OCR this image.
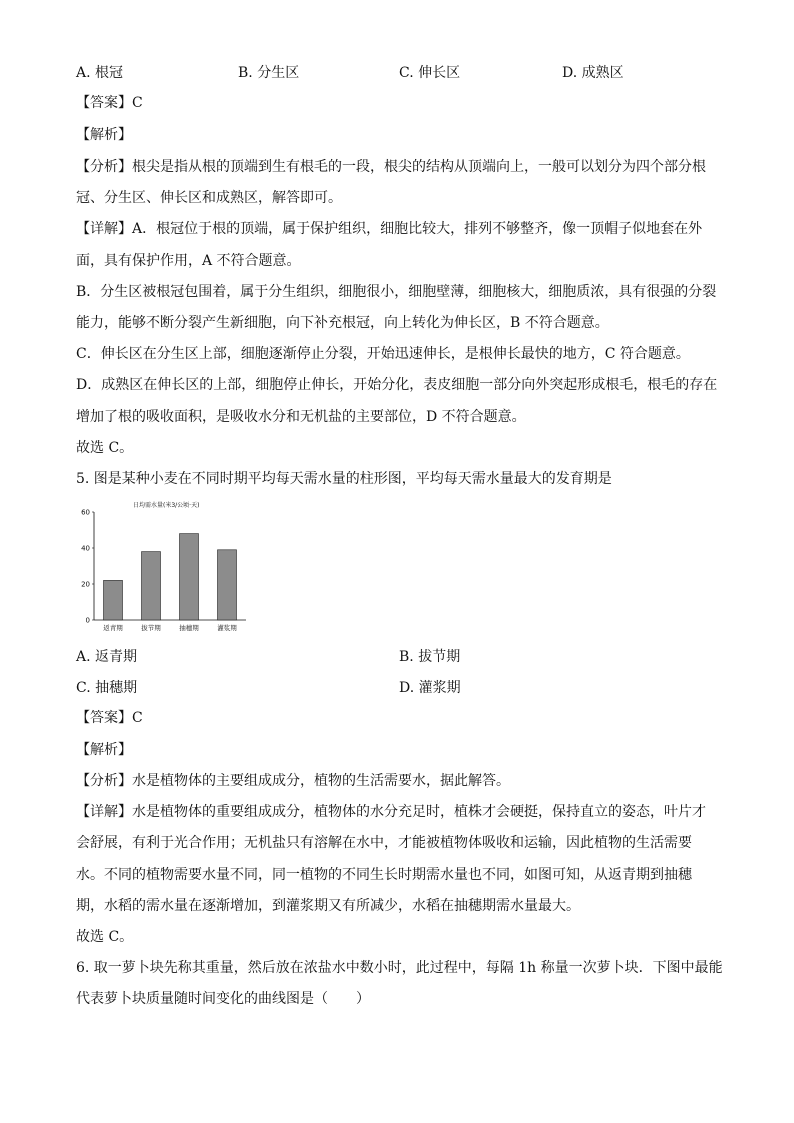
A. 根冠	B. 分生区	C. 伸长区	D. 成熟区
【答案】C
【解析】
【分析】根尖是指从根的顶端到生有根毛的一段，根尖的结构从顶端向上，一般可以划分为四个部分根
冠、分生区、伸长区和成熟区，解答即可。
【详解】A．根冠位于根的顶端，属于保护组织，细胞比较大，排列不够整齐，像一顶帽子似地套在外
面，具有保护作用，A 不符合题意。
B．分生区被根冠包围着，属于分生组织，细胞很小，细胞壁薄，细胞核大，细胞质浓，具有很强的分裂
能力，能够不断分裂产生新细胞，向下补充根冠，向上转化为伸长区，B 不符合题意。
C．伸长区在分生区上部，细胞逐渐停止分裂，开始迅速伸长，是根伸长最快的地方，C 符合题意。
D．成熟区在伸长区的上部，细胞停止伸长，开始分化，表皮细胞一部分向外突起形成根毛，根毛的存在
增加了根的吸收面积，是吸收水分和无机盐的主要部位，D 不符合题意。
故选 C。
5. 图是某种小麦在不同时期平均每天需水量的柱形图，平均每天需水量最大的发育期是
日均需水量(米3/公顷·天)
0
20
40
60
返青期	拔节期	抽穗期	灌浆期
A. 返青期	B. 拔节期
C. 抽穗期	D. 灌浆期
【答案】C
【解析】
【分析】水是植物体的主要组成成分，植物的生活需要水，据此解答。
【详解】水是植物体的重要组成成分，植物体的水分充足时，植株才会硬挺，保持直立的姿态，叶片才
会舒展，有利于光合作用；无机盐只有溶解在水中，才能被植物体吸收和运输，因此植物的生活需要
水。不同的植物需要水量不同，同一植物的不同生长时期需水量也不同，如图可知，从返青期到抽穗
期，水稻的需水量在逐渐增加，到灌浆期又有所减少，水稻在抽穗期需水量最大。
故选 C。
6. 取一萝卜块先称其重量，然后放在浓盐水中数小时，此过程中，每隔 1h 称量一次萝卜块．下图中最能
代表萝卜块质量随时间变化的曲线图是（　　）
